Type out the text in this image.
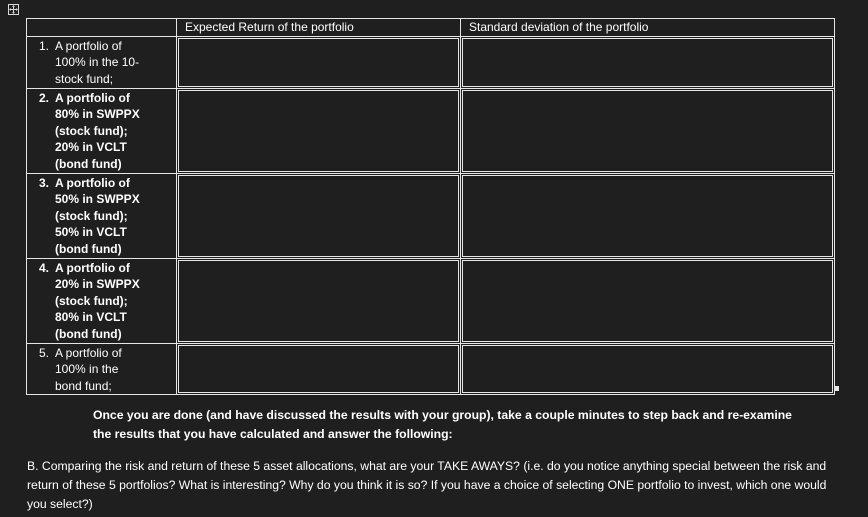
	Expected Return of the portfolio	Standard deviation of the portfolio
1. A portfolio of
100% in the 10-
stock fund;		
2. A portfolio of
80% in SWPPX
(stock fund);
20% in VCLT
(bond fund)		
3. A portfolio of
50% in SWPPX
(stock fund);
50% in VCLT
(bond fund)		
4. A portfolio of
20% in SWPPX
(stock fund);
80% in VCLT
(bond fund)		
5. A portfolio of
100% in the
bond fund;		
Once you are done (and have discussed the results with your group), take a couple minutes to step back and re-examine the results that you have calculated and answer the following:
B. Comparing the risk and return of these 5 asset allocations, what are your TAKE AWAYS? (i.e. do you notice anything special between the risk and return of these 5 portfolios? What is interesting? Why do you think it is so? If you have a choice of selecting ONE portfolio to invest, which one would you select?)
